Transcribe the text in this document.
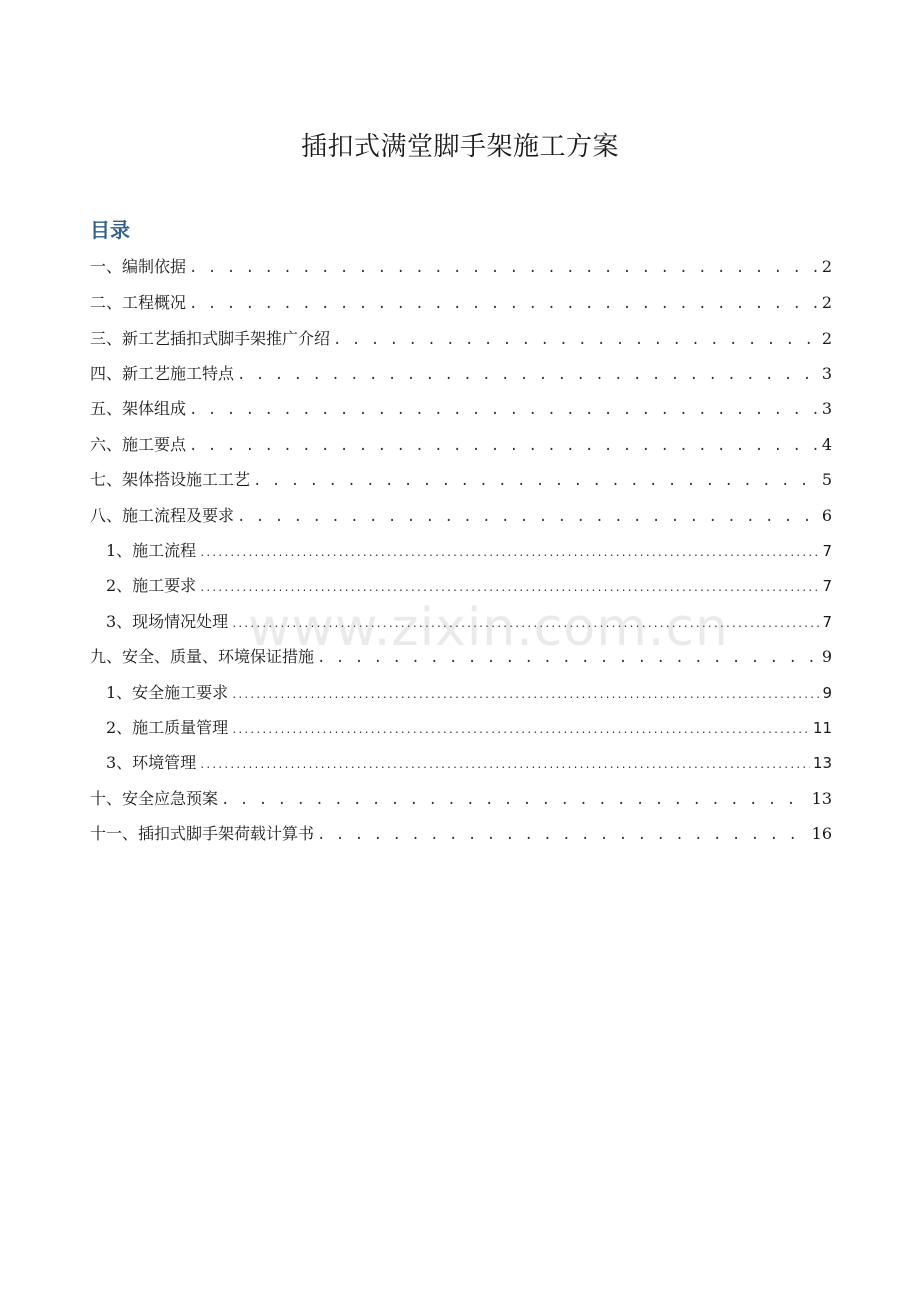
插扣式满堂脚手架施工方案
目录
一、编制依据 . . .	2
二、工程概况 . . .	2
三、新工艺插扣式脚手架推广介绍 . . .	2
四、新工艺施工特点 . . .	3
五、架体组成 . . .	3
六、施工要点 . . .	4
七、架体搭设施工工艺 . . .	5
八、施工流程及要求 . . .	6
1、施工流程 .....	7
2、施工要求 .....	7
3、现场情况处理 .....	7
九、安全、质量、环境保证措施 . . .	9
1、安全施工要求 .....	9
2、施工质量管理 .....	11
3、环境管理 .....	13
十、安全应急预案 . . .	13
十一、插扣式脚手架荷载计算书 . . .	16
www.zixin.com.cn
